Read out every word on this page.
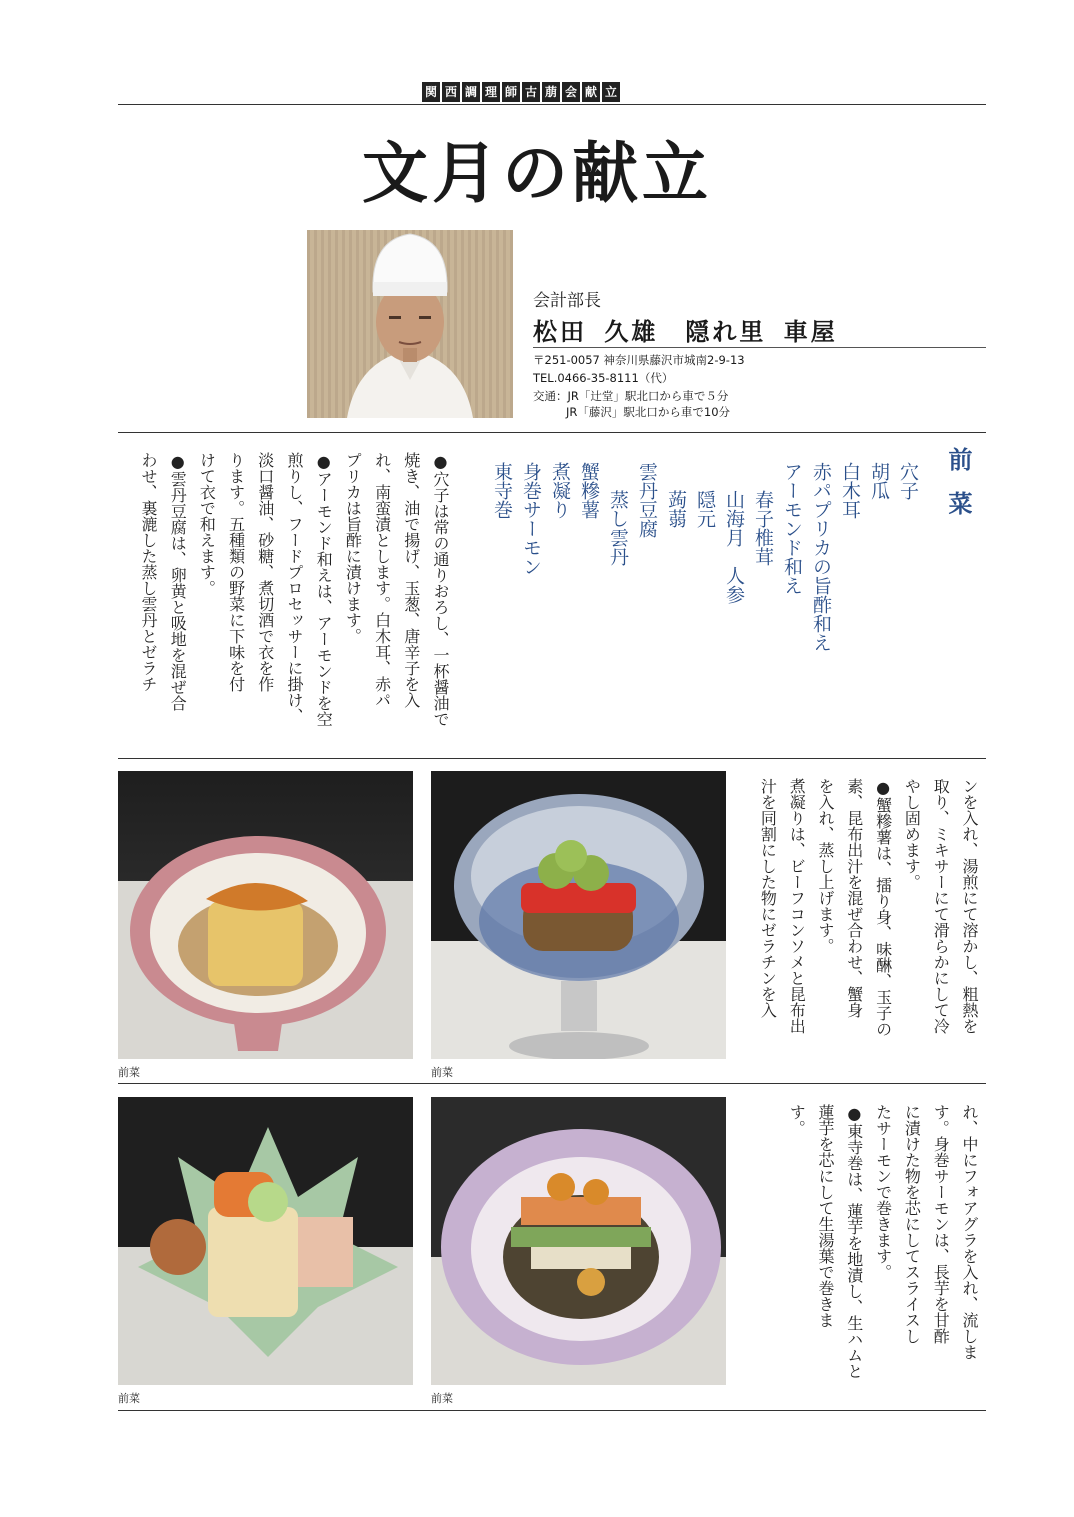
関 西 調 理 師 古 萠 会 献 立
文月の献立
会計部長
松田 久雄　隠れ里 車屋
〒251-0057 神奈川県藤沢市城南2-9-13
TEL.0466-35-8111（代）
交通：JR「辻堂」駅北口から車で５分
JR「藤沢」駅北口から車で10分
前菜
穴子
胡瓜
白木耳
赤パプリカの旨酢和え
アーモンド和え
春子椎茸
山海月　人参
隠元
蒟蒻
雲丹豆腐
蒸し雲丹
蟹糝薯
煮凝り
身巻サーモン
東寺巻
●穴子は常の通りおろし、一杯醤油で
焼き、油で揚げ、玉葱、唐辛子を入
れ、南蛮漬とします。白木耳、赤パ
プリカは旨酢に漬けます。
●アーモンド和えは、アーモンドを空
煎りし、フードプロセッサーに掛け、
淡口醤油、砂糖、煮切酒で衣を作
ります。五種類の野菜に下味を付
けて衣で和えます。
●雲丹豆腐は、卵黄と吸地を混ぜ合
わせ、裏漉した蒸し雲丹とゼラチ
前菜	前菜
ンを入れ、湯煎にて溶かし、粗熱を
取り、ミキサーにて滑らかにして冷
やし固めます。
●蟹糝薯は、擂り身、味醂、玉子の
素、昆布出汁を混ぜ合わせ、蟹身
を入れ、蒸し上げます。
煮凝りは、ビーフコンソメと昆布出
汁を同割にした物にゼラチンを入
前菜	前菜
れ、中にフォアグラを入れ、流しま
す。身巻サーモンは、長芋を甘酢
に漬けた物を芯にしてスライスし
たサーモンで巻きます。
●東寺巻は、蓮芋を地漬し、生ハムと
蓮芋を芯にして生湯葉で巻きま
す。
